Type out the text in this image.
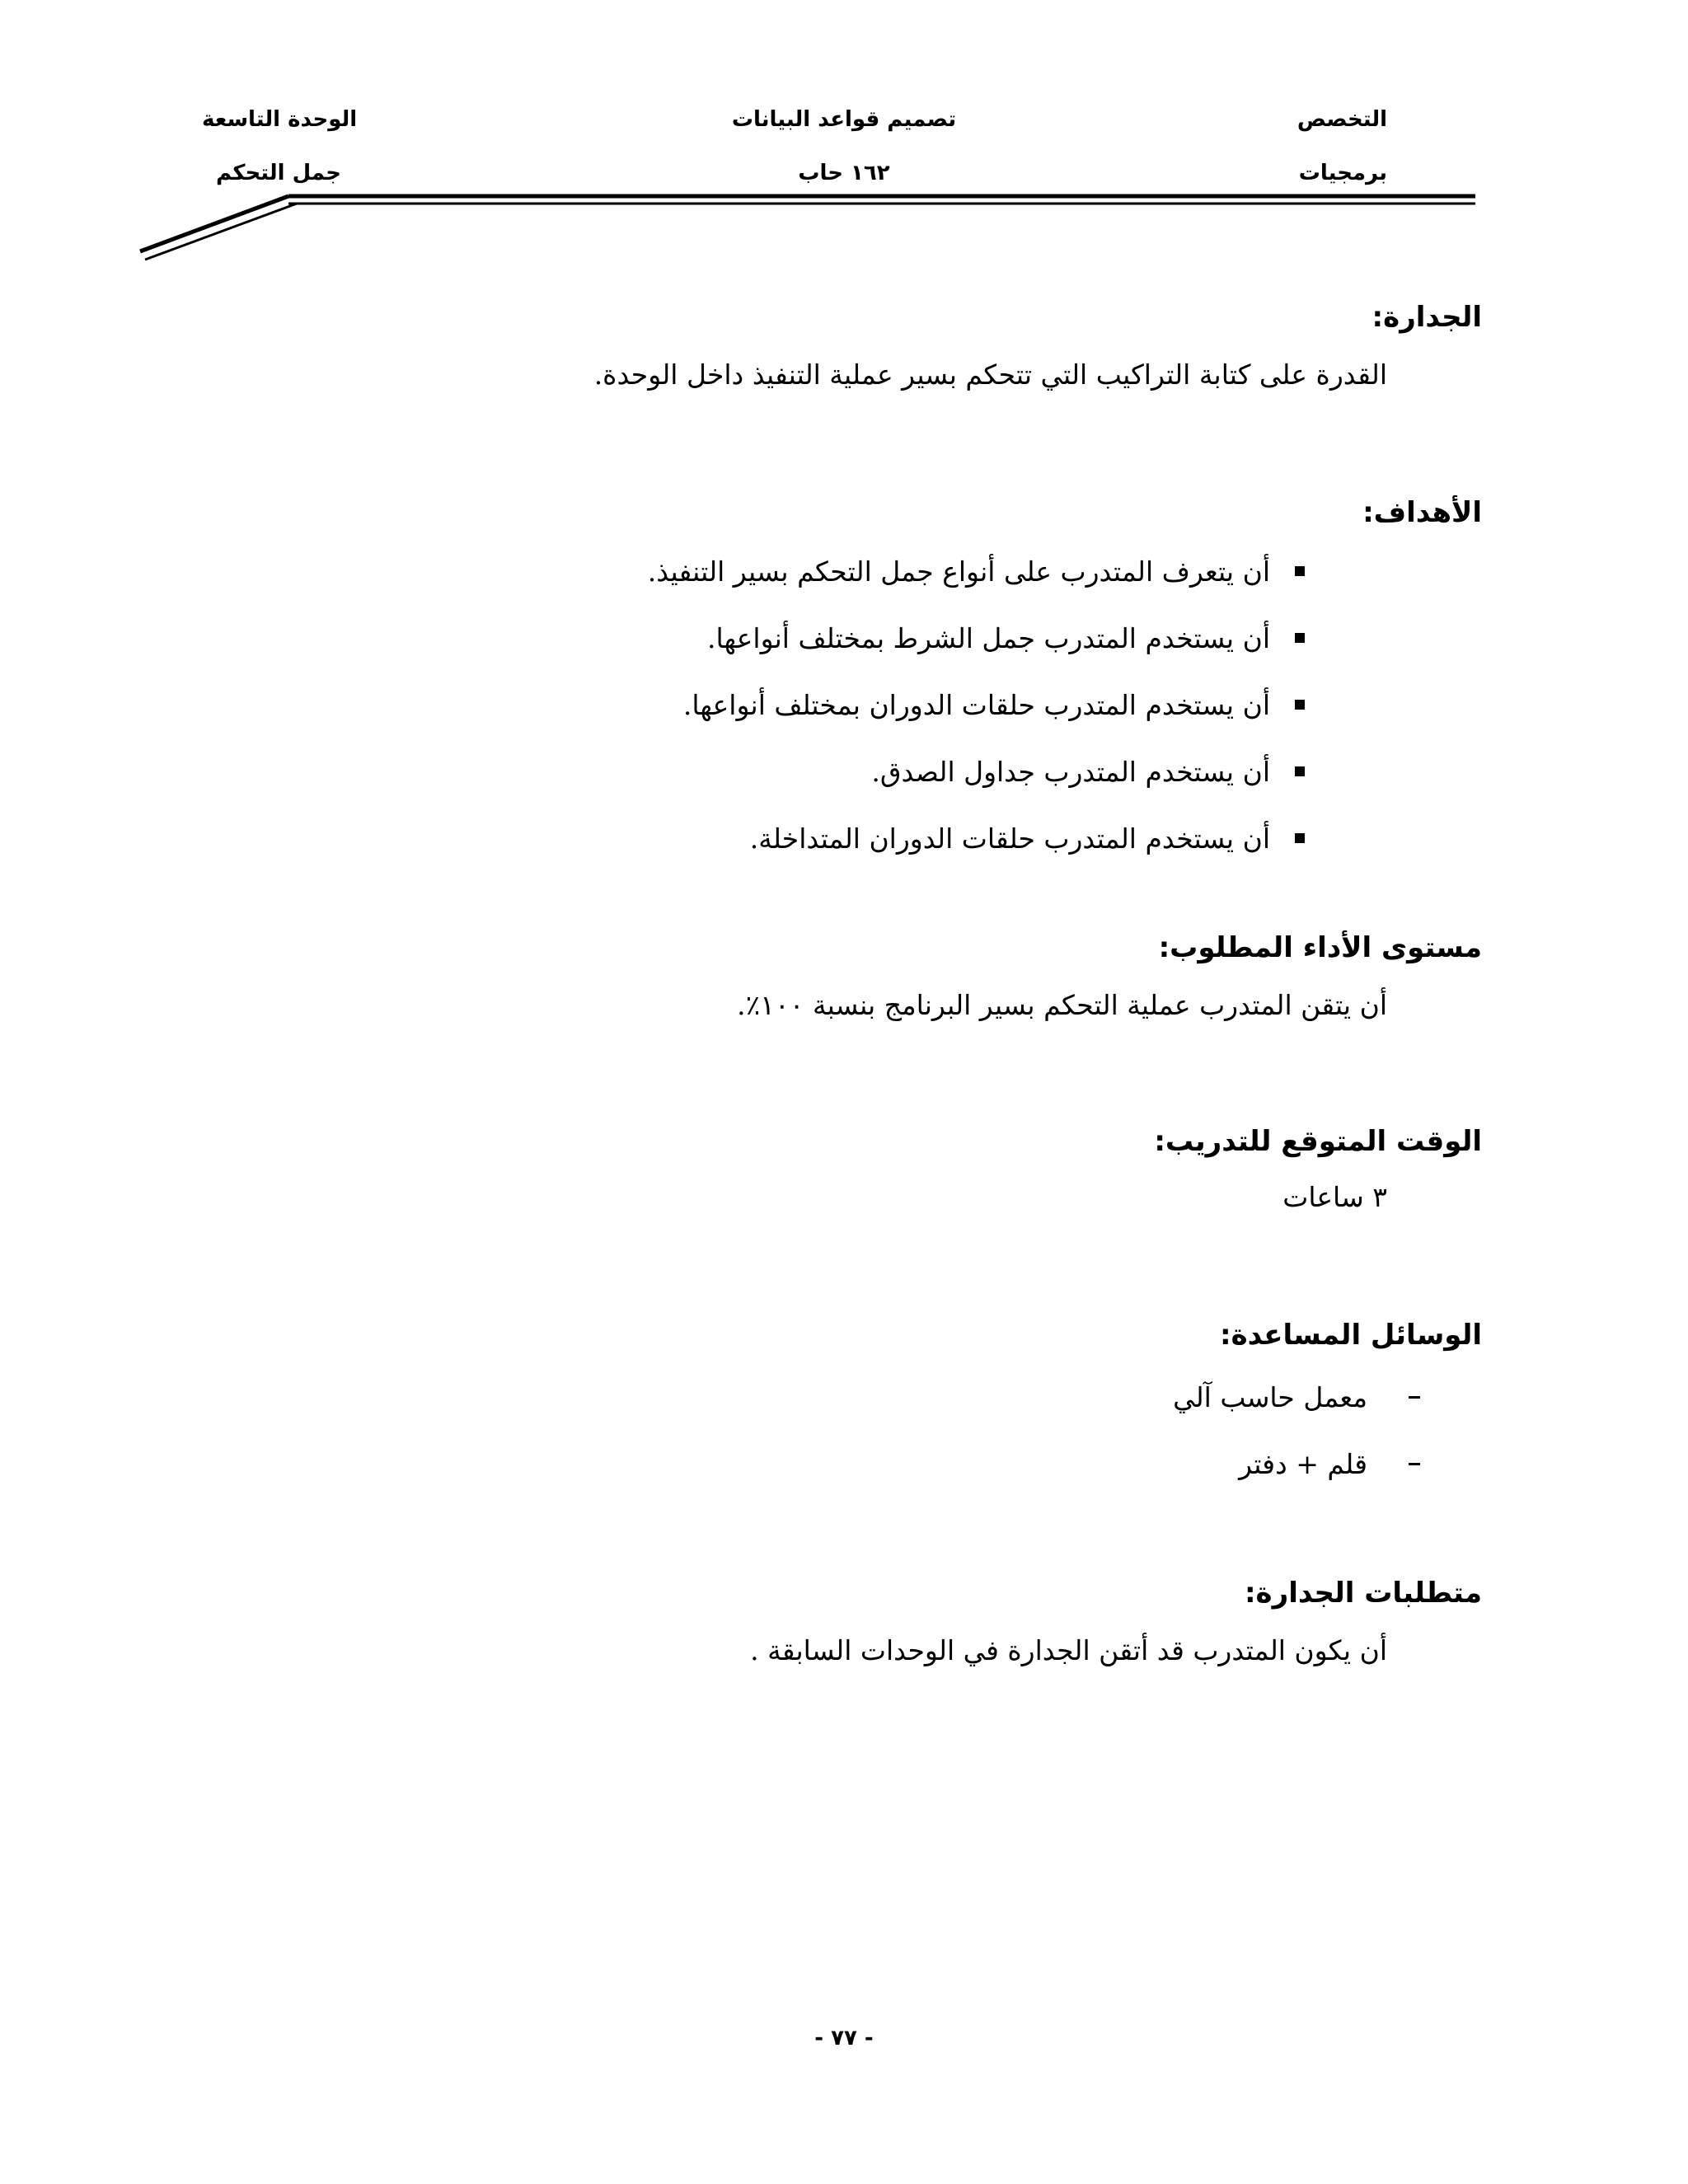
التخصص
برمجيات
تصميم قواعد البيانات
١٦٢ حاب
الوحدة التاسعة
جمل التحكم
الجدارة:
القدرة على كتابة التراكيب التي تتحكم بسير عملية التنفيذ داخل الوحدة.
الأهداف:
أن يتعرف المتدرب على أنواع جمل التحكم بسير التنفيذ.
أن يستخدم المتدرب جمل الشرط بمختلف أنواعها.
أن يستخدم المتدرب حلقات الدوران بمختلف أنواعها.
أن يستخدم المتدرب جداول الصدق.
أن يستخدم المتدرب حلقات الدوران المتداخلة.
مستوى الأداء المطلوب:
أن يتقن المتدرب عملية التحكم بسير البرنامج بنسبة ١٠٠٪.
الوقت المتوقع للتدريب:
٣ ساعات
الوسائل المساعدة:
معمل حاسب آلي
قلم + دفتر
متطلبات الجدارة:
أن يكون المتدرب قد أتقن الجدارة في الوحدات السابقة .
- ٧٧ -
